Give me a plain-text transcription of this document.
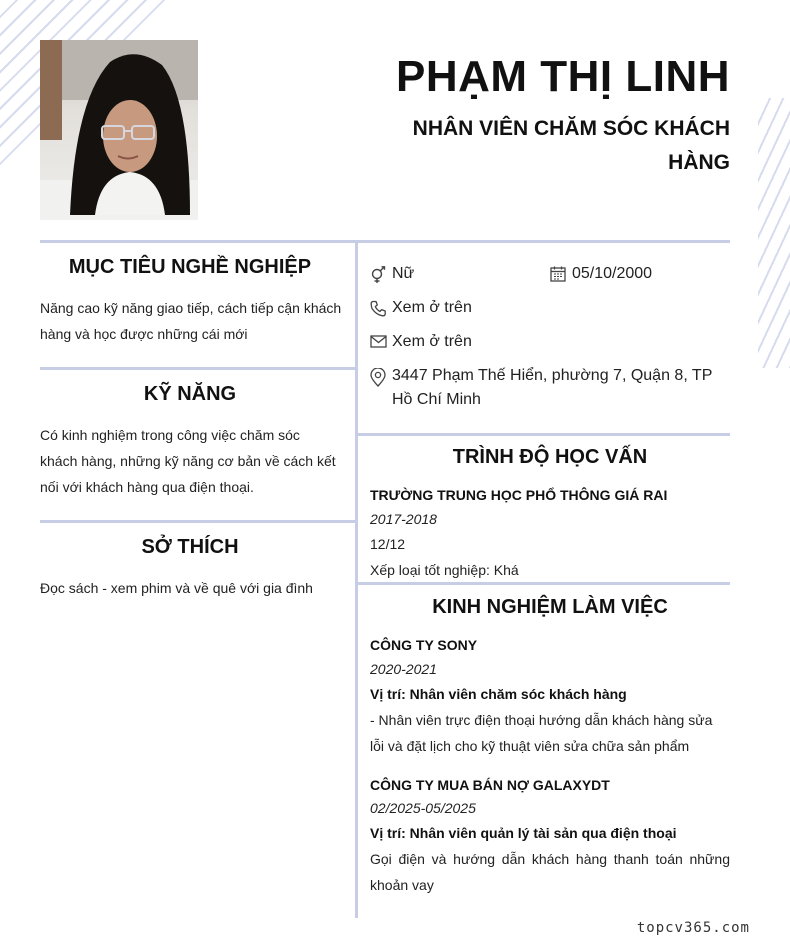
PHẠM THỊ LINH
NHÂN VIÊN CHĂM SÓC KHÁCH HÀNG
MỤC TIÊU NGHỀ NGHIỆP

Năng cao kỹ năng giao tiếp, cách tiếp cận khách hàng và học được những cái mới

KỸ NĂNG

Có kinh nghiệm trong công việc chăm sóc khách hàng, những kỹ năng cơ bản về cách kết nối với khách hàng qua điện thoại.

SỞ THÍCH

Đọc sách - xem phim và về quê với gia đình

Nữ	05/10/2000
Xem ở trên
Xem ở trên
3447 Phạm Thế Hiển, phường 7, Quận 8, TP Hồ Chí Minh
TRÌNH ĐỘ HỌC VẤN

TRƯỜNG TRUNG HỌC PHỔ THÔNG GIÁ RAI

2017-2018

12/12

Xếp loại tốt nghiệp: Khá

KINH NGHIỆM LÀM VIỆC

CÔNG TY SONY

2020-2021

Vị trí: Nhân viên chăm sóc khách hàng

- Nhân viên trực điện thoại hướng dẫn khách hàng sửa lỗi và đặt lịch cho kỹ thuật viên sửa chữa sản phẩm

CÔNG TY MUA BÁN NỢ GALAXYDT

02/2025-05/2025

Vị trí: Nhân viên quản lý tài sản qua điện thoại

Gọi điện và hướng dẫn khách hàng thanh toán những khoản vay

topcv365.com
